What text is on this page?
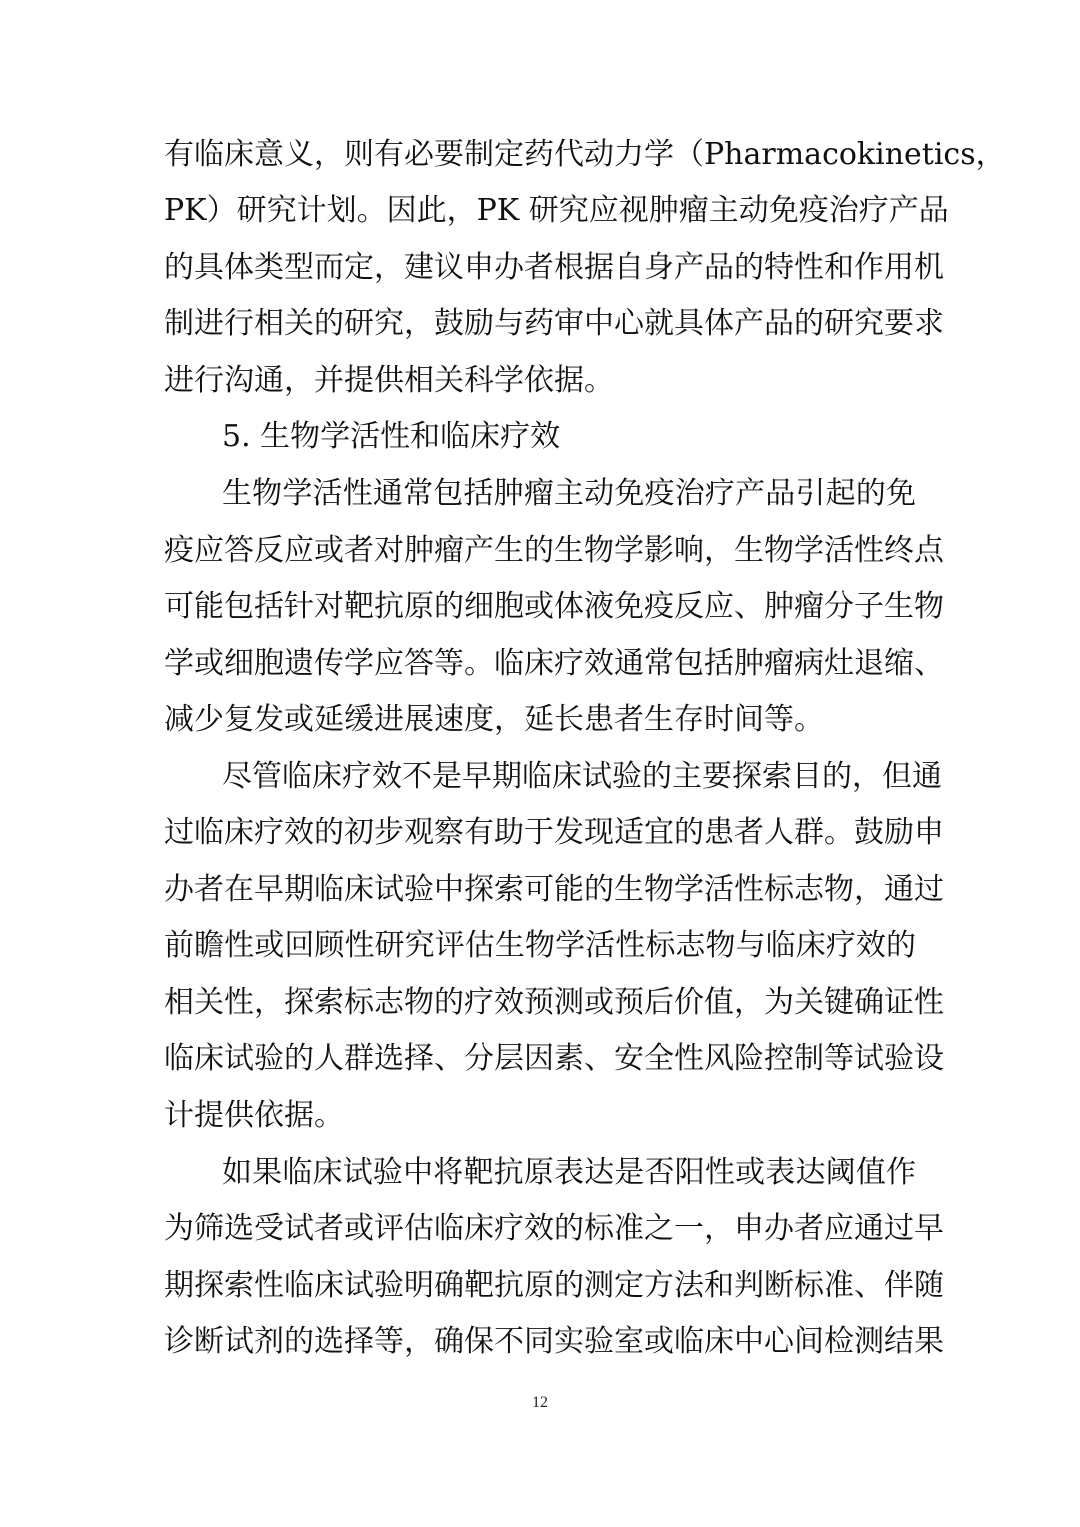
有临床意义，则有必要制定药代动力学（Pharmacokinetics，
PK）研究计划。因此，PK 研究应视肿瘤主动免疫治疗产品
的具体类型而定，建议申办者根据自身产品的特性和作用机
制进行相关的研究，鼓励与药审中心就具体产品的研究要求
进行沟通，并提供相关科学依据。
5. 生物学活性和临床疗效
生物学活性通常包括肿瘤主动免疫治疗产品引起的免
疫应答反应或者对肿瘤产生的生物学影响，生物学活性终点
可能包括针对靶抗原的细胞或体液免疫反应、肿瘤分子生物
学或细胞遗传学应答等。临床疗效通常包括肿瘤病灶退缩、
减少复发或延缓进展速度，延长患者生存时间等。
尽管临床疗效不是早期临床试验的主要探索目的，但通
过临床疗效的初步观察有助于发现适宜的患者人群。鼓励申
办者在早期临床试验中探索可能的生物学活性标志物，通过
前瞻性或回顾性研究评估生物学活性标志物与临床疗效的
相关性，探索标志物的疗效预测或预后价值，为关键确证性
临床试验的人群选择、分层因素、安全性风险控制等试验设
计提供依据。
如果临床试验中将靶抗原表达是否阳性或表达阈值作
为筛选受试者或评估临床疗效的标准之一，申办者应通过早
期探索性临床试验明确靶抗原的测定方法和判断标准、伴随
诊断试剂的选择等，确保不同实验室或临床中心间检测结果
12
